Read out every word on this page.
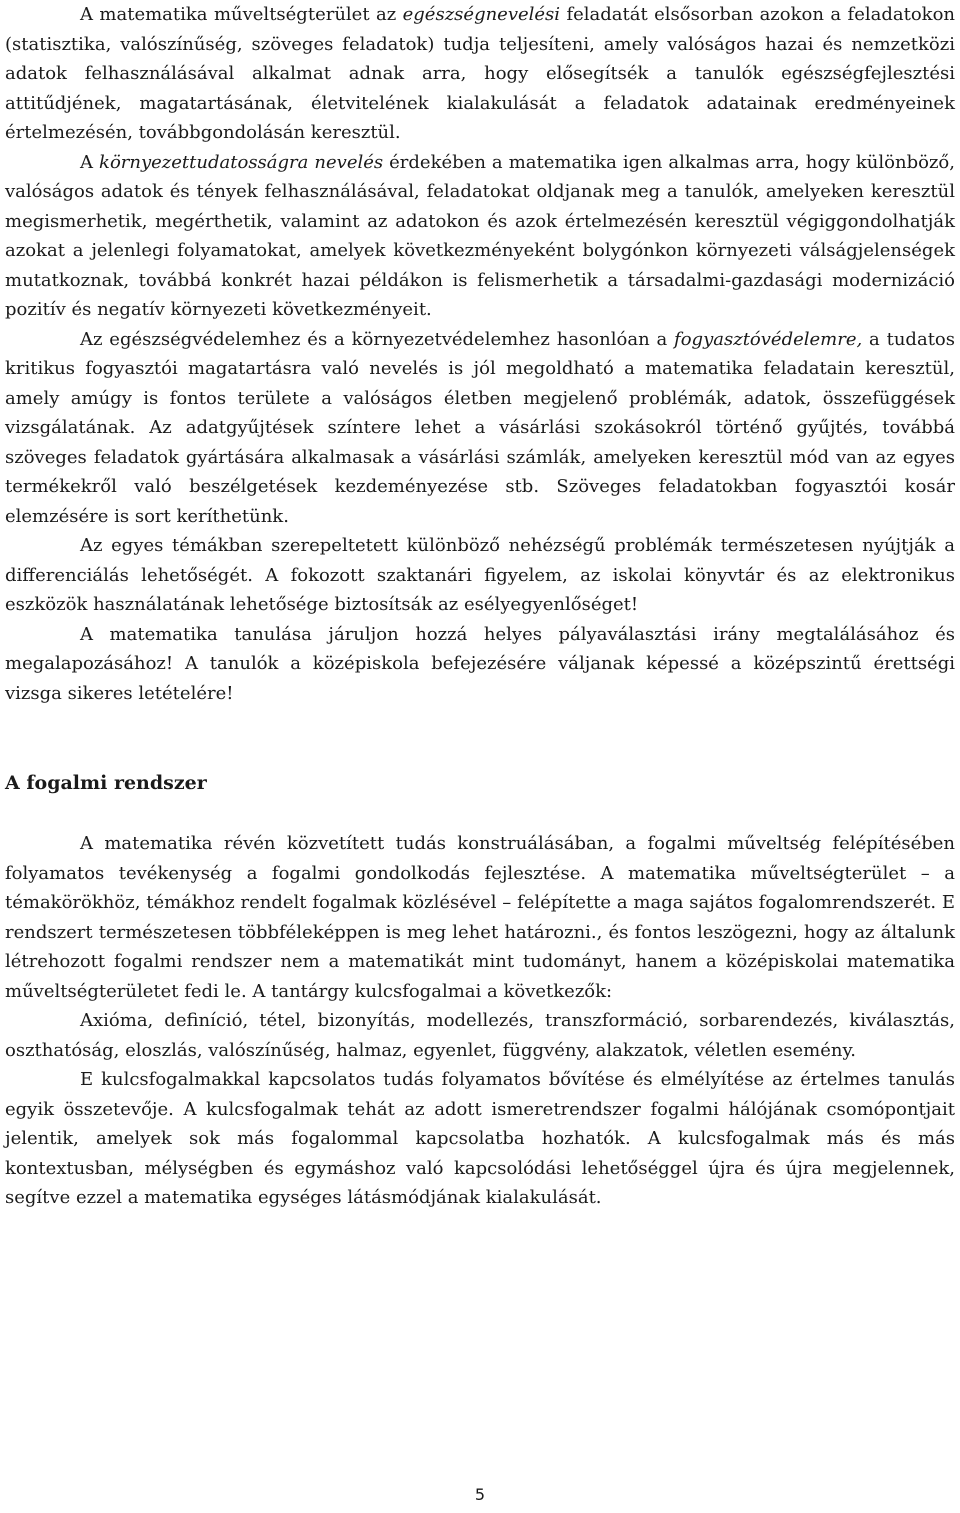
A matematika műveltségterület az egészségnevelési feladatát elsősorban azokon a feladatokon (statisztika, valószínűség, szöveges feladatok) tudja teljesíteni, amely valóságos hazai és nemzetközi adatok felhasználásával alkalmat adnak arra, hogy elősegítsék a tanulók egészségfejlesztési attitűdjének, magatartásának, életvitelének kialakulását a feladatok adatainak eredményeinek értelmezésén, továbbgondolásán keresztül.

A környezettudatosságra nevelés érdekében a matematika igen alkalmas arra, hogy különböző, valóságos adatok és tények felhasználásával, feladatokat oldjanak meg a tanulók, amelyeken keresztül megismerhetik, megérthetik, valamint az adatokon és azok értelmezésén keresztül végiggondolhatják azokat a jelenlegi folyamatokat, amelyek következményeként bolygónkon környezeti válságjelenségek mutatkoznak, továbbá konkrét hazai példákon is felismerhetik a társadalmi-gazdasági modernizáció pozitív és negatív környezeti következményeit.

Az egészségvédelemhez és a környezetvédelemhez hasonlóan a fogyasztóvédelemre, a tudatos kritikus fogyasztói magatartásra való nevelés is jól megoldható a matematika feladatain keresztül, amely amúgy is fontos területe a valóságos életben megjelenő problémák, adatok, összefüggések vizsgálatának. Az adatgyűjtések színtere lehet a vásárlási szokásokról történő gyűjtés, továbbá szöveges feladatok gyártására alkalmasak a vásárlási számlák, amelyeken keresztül mód van az egyes termékekről való beszélgetések kezdeményezése stb. Szöveges feladatokban fogyasztói kosár elemzésére is sort keríthetünk.

Az egyes témákban szerepeltetett különböző nehézségű problémák természetesen nyújtják a differenciálás lehetőségét. A fokozott szaktanári figyelem, az iskolai könyvtár és az elektronikus eszközök használatának lehetősége biztosítsák az esélyegyenlőséget!

A matematika tanulása járuljon hozzá helyes pályaválasztási irány megtalálásához és megalapozásához! A tanulók a középiskola befejezésére váljanak képessé a középszintű érettségi vizsga sikeres letételére!

A fogalmi rendszer

A matematika révén közvetített tudás konstruálásában, a fogalmi műveltség felépítésében folyamatos tevékenység a fogalmi gondolkodás fejlesztése. A matematika műveltségterület – a témakörökhöz, témákhoz rendelt fogalmak közlésével – felépítette a maga sajátos fogalomrendszerét. E rendszert természetesen többféleképpen is meg lehet határozni., és fontos leszögezni, hogy az általunk létrehozott fogalmi rendszer nem a matematikát mint tudományt, hanem a középiskolai matematika műveltségterületet fedi le. A tantárgy kulcsfogalmai a következők:

Axióma, definíció, tétel, bizonyítás, modellezés, transzformáció, sorbarendezés, kiválasztás, oszthatóság, eloszlás, valószínűség, halmaz, egyenlet, függvény, alakzatok, véletlen esemény.

E kulcsfogalmakkal kapcsolatos tudás folyamatos bővítése és elmélyítése az értelmes tanulás egyik összetevője. A kulcsfogalmak tehát az adott ismeretrendszer fogalmi hálójának csomópontjait jelentik, amelyek sok más fogalommal kapcsolatba hozhatók. A kulcsfogalmak más és más kontextusban, mélységben és egymáshoz való kapcsolódási lehetőséggel újra és újra megjelennek, segítve ezzel a matematika egységes látásmódjának kialakulását.

5
